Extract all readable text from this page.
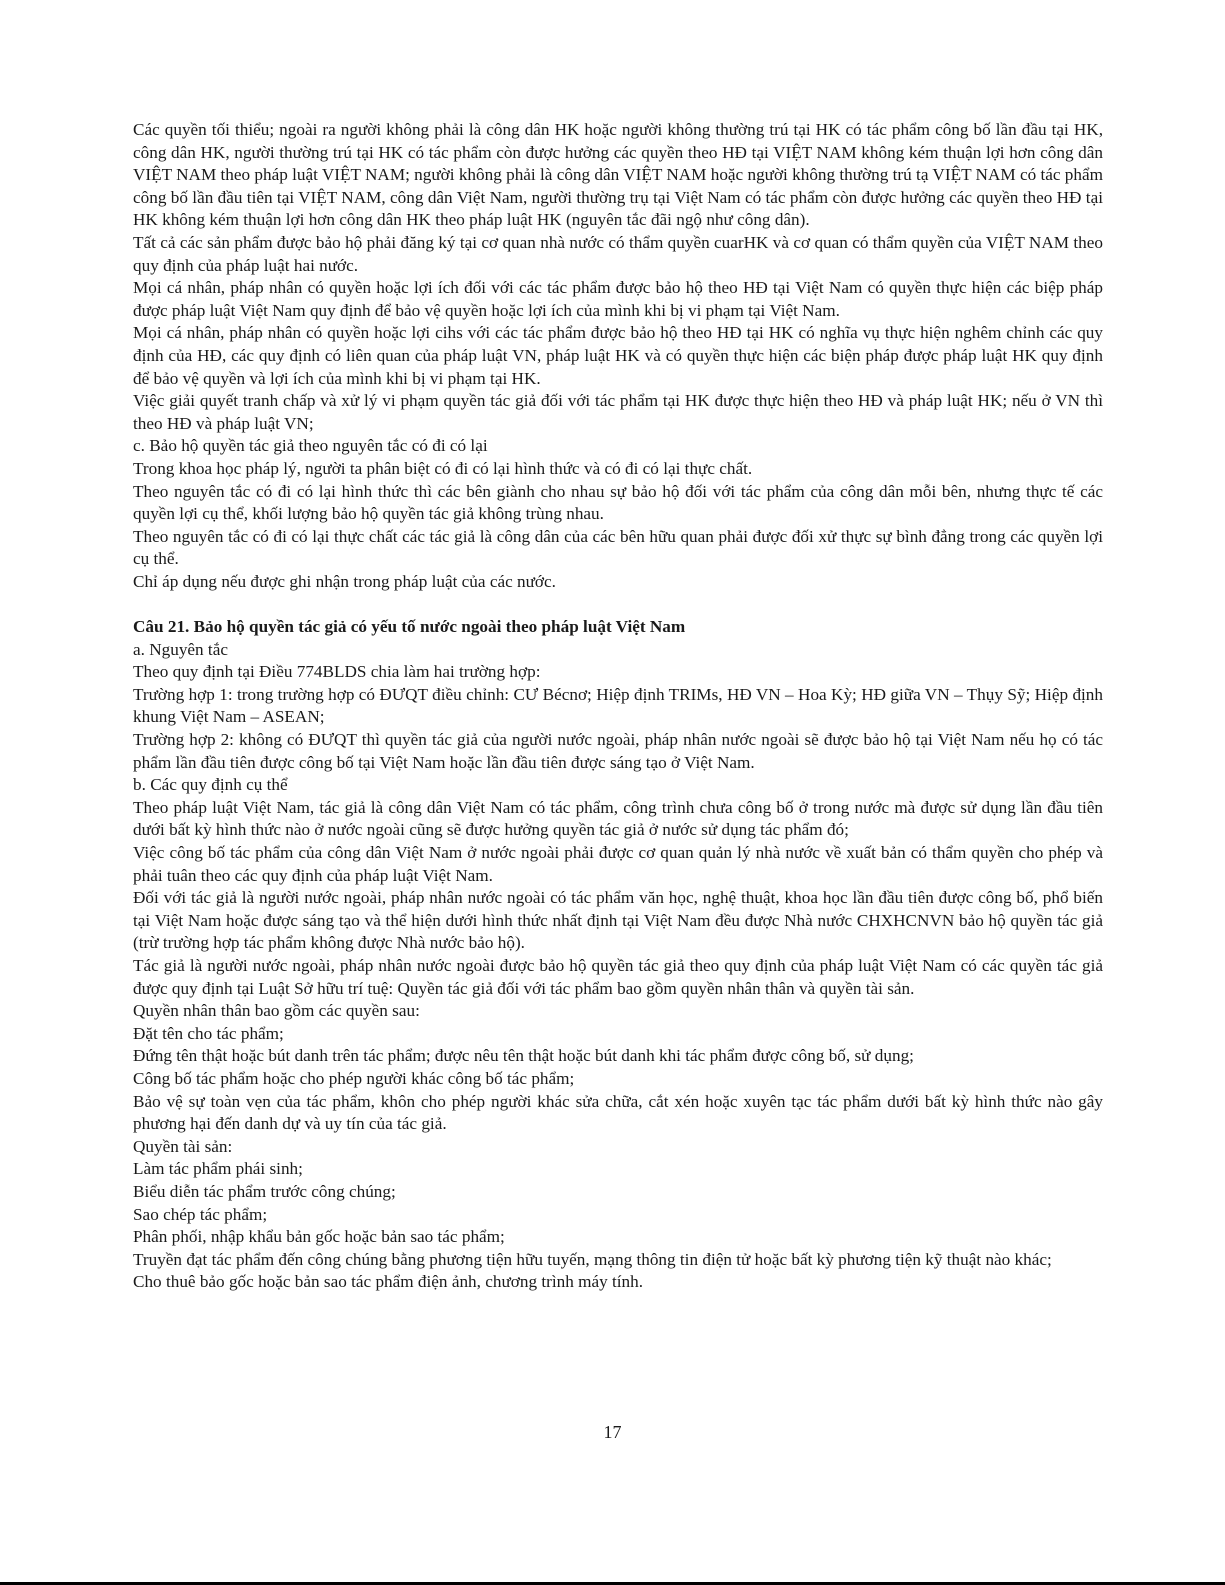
Các quyền tối thiểu; ngoài ra người không phải là công dân HK hoặc người không thường trú tại HK có tác phẩm công bố lần đầu tại HK, công dân HK, người thường trú tại HK có tác phẩm còn được hưởng các quyền theo HĐ tại VIỆT NAM không kém thuận lợi hơn công dân VIỆT NAM theo pháp luật VIỆT NAM; người không phải là công dân VIỆT NAM hoặc người không thường trú tạ VIỆT NAM có tác phẩm công bố lần đầu tiên tại VIỆT NAM, công dân Việt Nam, người thường trụ tại Việt Nam có tác phẩm còn được hưởng các quyền theo HĐ tại HK không kém thuận lợi hơn công dân HK theo pháp luật HK (nguyên tắc đãi ngộ như công dân).

Tất cả các sản phẩm được bảo hộ phải đăng ký tại cơ quan nhà nước có thẩm quyền cuarHK và cơ quan có thẩm quyền của VIỆT NAM theo quy định của pháp luật hai nước.

Mọi cá nhân, pháp nhân có quyền hoặc lợi ích đối với các tác phẩm được bảo hộ theo HĐ tại Việt Nam có quyền thực hiện các biệp pháp được pháp luật Việt Nam quy định để bảo vệ quyền hoặc lợi ích của mình khi bị vi phạm tại Việt Nam.

Mọi cá nhân, pháp nhân có quyền hoặc lợi cihs với các tác phẩm được bảo hộ theo HĐ tại HK có nghĩa vụ thực hiện nghêm chỉnh các quy định của HĐ, các quy định có liên quan của pháp luật VN, pháp luật HK và có quyền thực hiện các biện pháp được pháp luật HK quy định để bảo vệ quyền và lợi ích của mình khi bị vi phạm tại HK.

Việc giải quyết tranh chấp và xử lý vi phạm quyền tác giả đối với tác phẩm tại HK được thực hiện theo HĐ và pháp luật HK; nếu ở VN thì theo HĐ và pháp luật VN;

c. Bảo hộ quyền tác giả theo nguyên tắc có đi có lại

Trong khoa học pháp lý, người ta phân biệt có đi có lại hình thức và có đi có lại thực chất.

Theo nguyên tắc có đi có lại hình thức thì các bên giành cho nhau sự bảo hộ đối với tác phẩm của công dân mỗi bên, nhưng thực tế các quyền lợi cụ thể, khối lượng bảo hộ quyền tác giả không trùng nhau.

Theo nguyên tắc có đi có lại thực chất các tác giả là công dân của các bên hữu quan phải được đối xử thực sự bình đẳng trong các quyền lợi cụ thể.

Chỉ áp dụng nếu được ghi nhận trong pháp luật của các nước.

Câu 21. Bảo hộ quyền tác giả có yếu tố nước ngoài theo pháp luật Việt Nam

a. Nguyên tắc

Theo quy định tại Điều 774BLDS chia làm hai trường hợp:

Trường hợp 1: trong trường hợp có ĐƯQT điều chỉnh: CƯ Bécnơ; Hiệp định TRIMs, HĐ VN – Hoa Kỳ; HĐ giữa VN – Thụy Sỹ; Hiệp định khung Việt Nam – ASEAN;

Trường hợp 2: không có ĐƯQT thì quyền tác giả của người nước ngoài, pháp nhân nước ngoài sẽ được bảo hộ tại Việt Nam nếu họ có tác phẩm lần đầu tiên được công bố tại Việt Nam hoặc lần đầu tiên được sáng tạo ở Việt Nam.

b. Các quy định cụ thể

Theo pháp luật Việt Nam, tác giả là công dân Việt Nam có tác phẩm, công trình chưa công bố ở trong nước mà được sử dụng lần đầu tiên dưới bất kỳ hình thức nào ở nước ngoài cũng sẽ được hưởng quyền tác giả ở nước sử dụng tác phẩm đó;

Việc công bố tác phẩm của công dân Việt Nam ở nước ngoài phải được cơ quan quản lý nhà nước về xuất bản có thẩm quyền cho phép và phải tuân theo các quy định của pháp luật Việt Nam.

Đối với tác giả là người nước ngoài, pháp nhân nước ngoài có tác phẩm văn học, nghệ thuật, khoa học lần đầu tiên được công bố, phổ biến tại Việt Nam hoặc được sáng tạo và thể hiện dưới hình thức nhất định tại Việt Nam đều được Nhà nước CHXHCNVN bảo hộ quyền tác giả (trừ trường hợp tác phẩm không được Nhà nước bảo hộ).

Tác giả là người nước ngoài, pháp nhân nước ngoài được bảo hộ quyền tác giả theo quy định của pháp luật Việt Nam có các quyền tác giả được quy định tại Luật Sở hữu trí tuệ: Quyền tác giả đối với tác phẩm bao gồm quyền nhân thân và quyền tài sản.

Quyền nhân thân bao gồm các quyền sau:

Đặt tên cho tác phẩm;

Đứng tên thật hoặc bút danh trên tác phẩm; được nêu tên thật hoặc bút danh khi tác phẩm được công bố, sử dụng;

Công bố tác phẩm hoặc cho phép người khác công bố tác phẩm;

Bảo vệ sự toàn vẹn của tác phẩm, khôn cho phép người khác sửa chữa, cắt xén hoặc xuyên tạc tác phẩm dưới bất kỳ hình thức nào gây phương hại đến danh dự và uy tín của tác giả.

Quyền tài sản:

Làm tác phẩm phái sinh;

Biểu diễn tác phẩm trước công chúng;

Sao chép tác phẩm;

Phân phối, nhập khẩu bản gốc hoặc bản sao tác phẩm;

Truyền đạt tác phẩm đến công chúng bằng phương tiện hữu tuyến, mạng thông tin điện tử hoặc bất kỳ phương tiện kỹ thuật nào khác;

Cho thuê bảo gốc hoặc bản sao tác phẩm điện ảnh, chương trình máy tính.

17
